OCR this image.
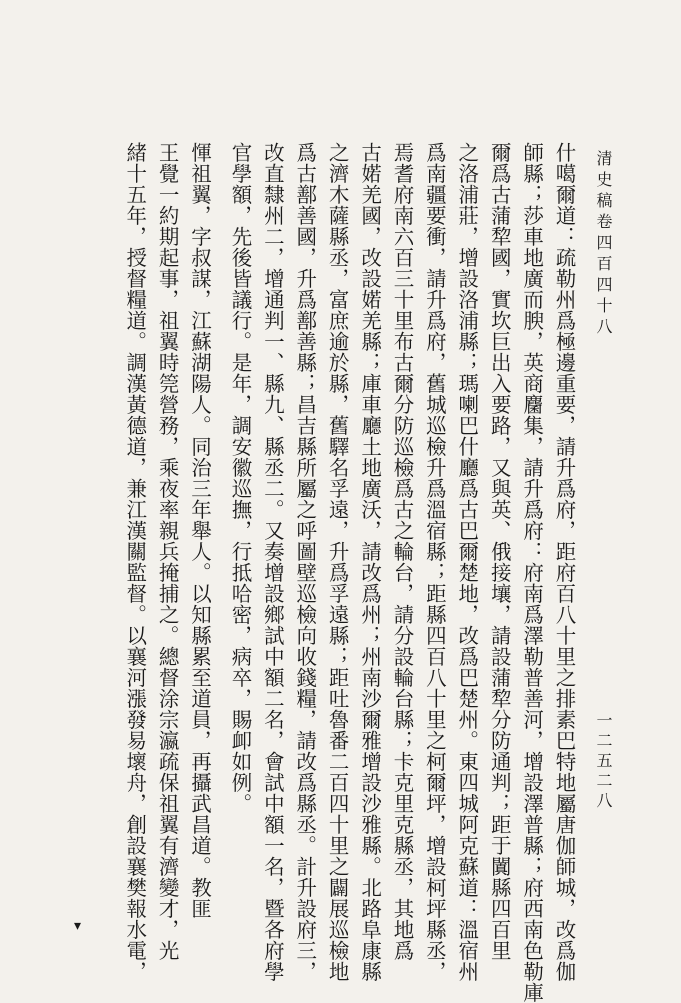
清史稿卷四百四十八
一二五二八
什噶爾道：疏勒州爲極邊重要，請升爲府，距府百八十里之排素巴特地屬唐伽師城，改爲伽
師縣；莎車地廣而腴，英商麕集，請升爲府：府南爲澤勒普善河，增設澤普縣；府西南色勒庫
爾爲古蒲犂國，實坎巨出入要路，又與英、俄接壤，請設蒲犂分防通判；距于闐縣四百里
之洛浦莊，增設洛浦縣；瑪喇巴什廳爲古巴爾楚地，改爲巴楚州。東四城阿克蘇道：溫宿州
爲南疆要衝，請升爲府，舊城巡檢升爲溫宿縣；距縣四百八十里之柯爾坪，增設柯坪縣丞，
焉耆府南六百三十里布古爾分防巡檢爲古之輪台，請分設輪台縣；卡克里克縣丞，其地爲
古婼羌國，改設婼羌縣；庫車廳土地廣沃，請改爲州；州南沙爾雅增設沙雅縣。北路阜康縣
之濟木薩縣丞，富庶逾於縣，舊驛名孚遠，升爲孚遠縣；距吐魯番二百四十里之闢展巡檢地
爲古鄯善國，升爲鄯善縣；昌吉縣所屬之呼圖壁巡檢向收錢糧，請改爲縣丞。計升設府三，
改直隸州二，增通判一、縣九、縣丞二。又奏增設鄉試中額二名，會試中額一名，暨各府學
官學額，先後皆議行。是年，調安徽巡撫，行抵哈密，病卒，賜卹如例。
惲祖翼，字叔謀，江蘇湖陽人。同治三年舉人。以知縣累至道員，再攝武昌道。教匪
王覺一約期起事，祖翼時筦營務，乘夜率親兵掩捕之。總督涂宗瀛疏保祖翼有濟變才，光
緒十五年，授督糧道。調漢黃德道，兼江漢關監督。以襄河漲發易壞舟，創設襄樊報水電，
▾
